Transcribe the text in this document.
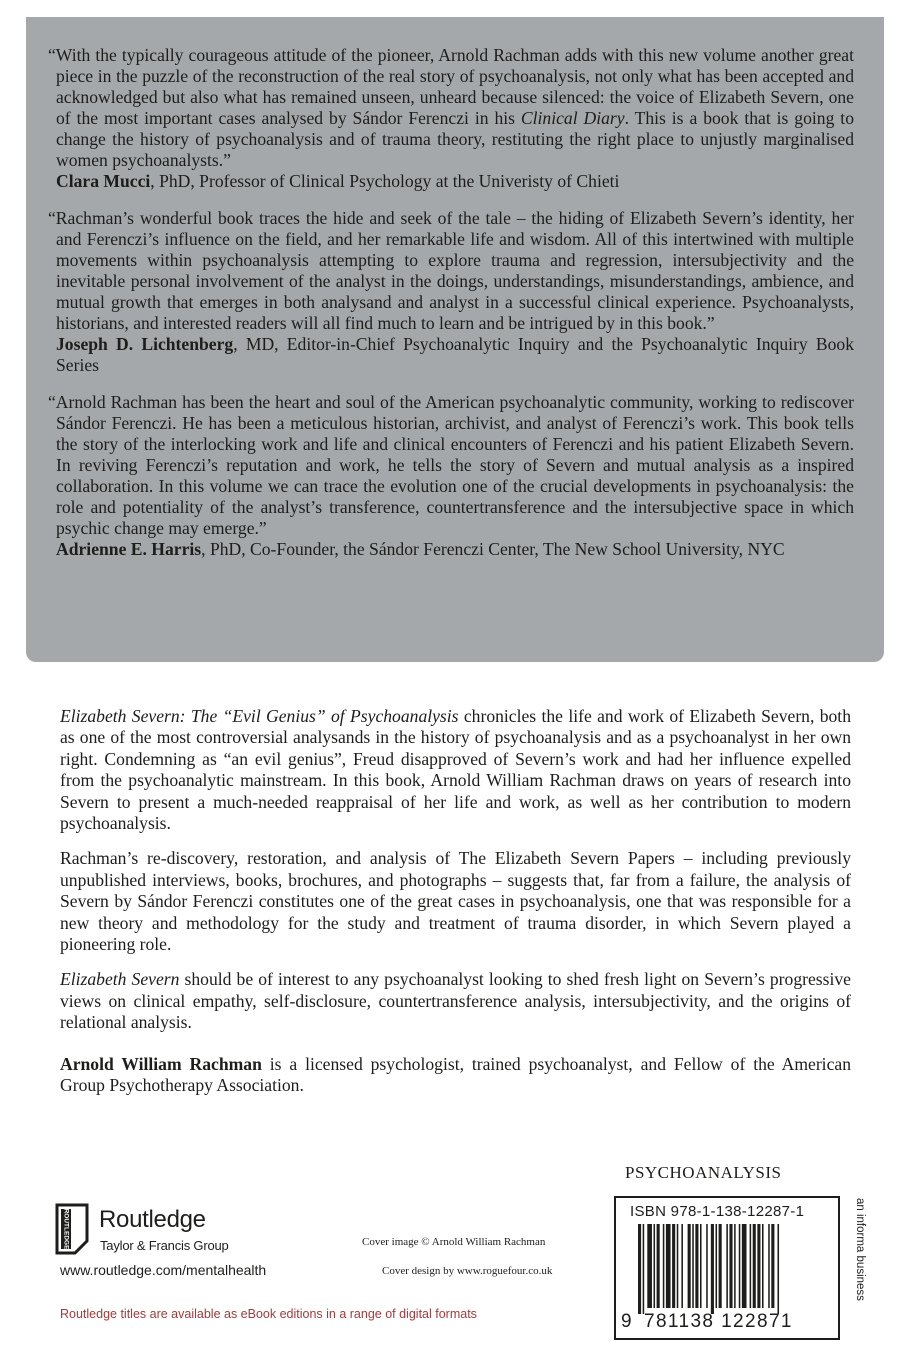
“With the typically courageous attitude of the pioneer, Arnold Rachman adds with this new volume another great piece in the puzzle of the reconstruction of the real story of psychoanalysis, not only what has been accepted and acknowledged but also what has remained unseen, unheard because silenced: the voice of Elizabeth Severn, one of the most important cases analysed by Sándor Ferenczi in his Clinical Diary. This is a book that is going to change the history of psychoanalysis and of trauma theory, restituting the right place to unjustly marginalised women psychoanalysts.”
Clara Mucci, PhD, Professor of Clinical Psychology at the Univeristy of Chieti

“Rachman’s wonderful book traces the hide and seek of the tale – the hiding of Elizabeth Severn’s identity, her and Ferenczi’s influence on the field, and her remarkable life and wisdom. All of this intertwined with multiple movements within psychoanalysis attempting to explore trauma and regression, intersubjectivity and the inevitable personal involvement of the analyst in the doings, understandings, misunderstandings, ambience, and mutual growth that emerges in both analysand and analyst in a successful clinical experience. Psychoanalysts, historians, and interested readers will all find much to learn and be intrigued by in this book.”
Joseph D. Lichtenberg, MD, Editor-in-Chief Psychoanalytic Inquiry and the Psychoanalytic Inquiry Book Series

“Arnold Rachman has been the heart and soul of the American psychoanalytic community, working to rediscover Sándor Ferenczi. He has been a meticulous historian, archivist, and analyst of Ferenczi’s work. This book tells the story of the interlocking work and life and clinical encounters of Ferenczi and his patient Elizabeth Severn. In reviving Ferenczi’s reputation and work, he tells the story of Severn and mutual analysis as a inspired collaboration. In this volume we can trace the evolution one of the crucial developments in psychoanalysis: the role and potentiality of the analyst’s transference, countertransference and the intersubjective space in which psychic change may emerge.”
Adrienne E. Harris, PhD, Co-Founder, the Sándor Ferenczi Center, The New School University, NYC

Elizabeth Severn: The “Evil Genius” of Psychoanalysis chronicles the life and work of Elizabeth Severn, both as one of the most controversial analysands in the history of psychoanalysis and as a psychoanalyst in her own right. Condemning as “an evil genius”, Freud disapproved of Severn’s work and had her influence expelled from the psychoanalytic mainstream. In this book, Arnold William Rachman draws on years of research into Severn to present a much-needed reappraisal of her life and work, as well as her contribution to modern psychoanalysis.

Rachman’s re-discovery, restoration, and analysis of The Elizabeth Severn Papers – including previously unpublished interviews, books, brochures, and photographs – suggests that, far from a failure, the analysis of Severn by Sándor Ferenczi constitutes one of the great cases in psychoanalysis, one that was responsible for a new theory and methodology for the study and treatment of trauma disorder, in which Severn played a pioneering role.

Elizabeth Severn should be of interest to any psychoanalyst looking to shed fresh light on Severn’s progressive views on clinical empathy, self-disclosure, countertransference analysis, intersubjectivity, and the origins of relational analysis.

Arnold William Rachman is a licensed psychologist, trained psychoanalyst, and Fellow of the American Group Psychotherapy Association.

PSYCHOANALYSIS
ISBN 978-1-138-12287-1
9 781138 122871
an informa business
ROUTLEDGE Routledge
Taylor & Francis Group
www.routledge.com/mentalhealth
Cover image © Arnold William Rachman
Cover design by www.roguefour.co.uk
Routledge titles are available as eBook editions in a range of digital formats
